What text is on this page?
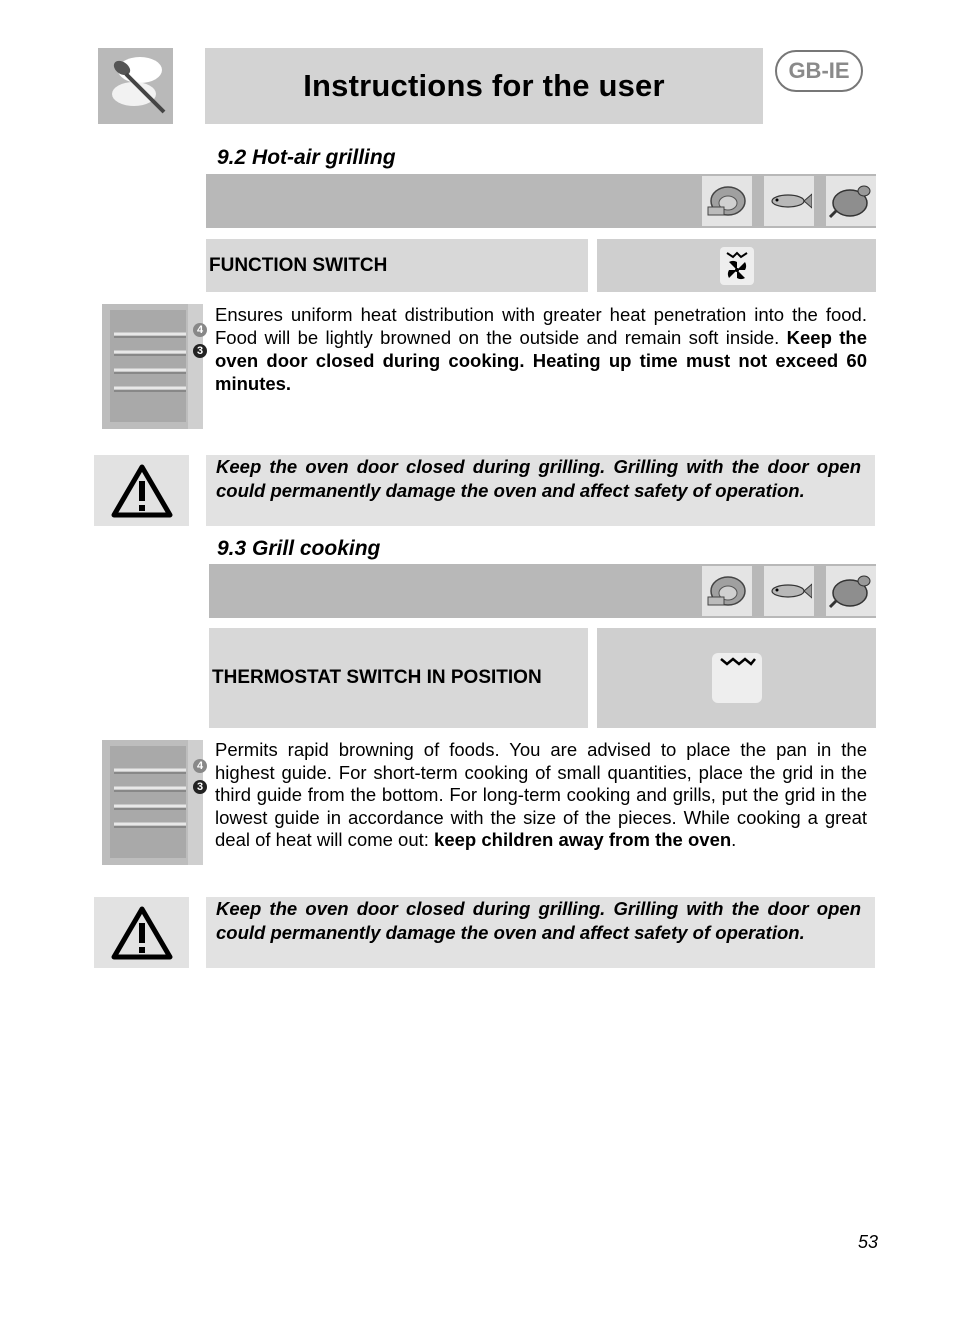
Instructions for the user	GB-IE
9.2 Hot-air grilling
FUNCTION SWITCH
4
3
Ensures uniform heat distribution with greater heat penetration into the food. Food will be lightly browned on the outside and remain soft inside. Keep the oven door closed during cooking. Heating up time must not exceed 60 minutes.
Keep the oven door closed during grilling. Grilling with the door open could permanently damage the oven and affect safety of operation.
9.3 Grill cooking
THERMOSTAT SWITCH IN POSITION
4
3
Permits rapid browning of foods. You are advised to place the pan in the highest guide. For short-term cooking of small quantities, place the grid in the third guide from the bottom. For long-term cooking and grills, put the grid in the lowest guide in accordance with the size of the pieces. While cooking a great deal of heat will come out: keep children away from the oven.
Keep the oven door closed during grilling. Grilling with the door open could permanently damage the oven and affect safety of operation.
53
